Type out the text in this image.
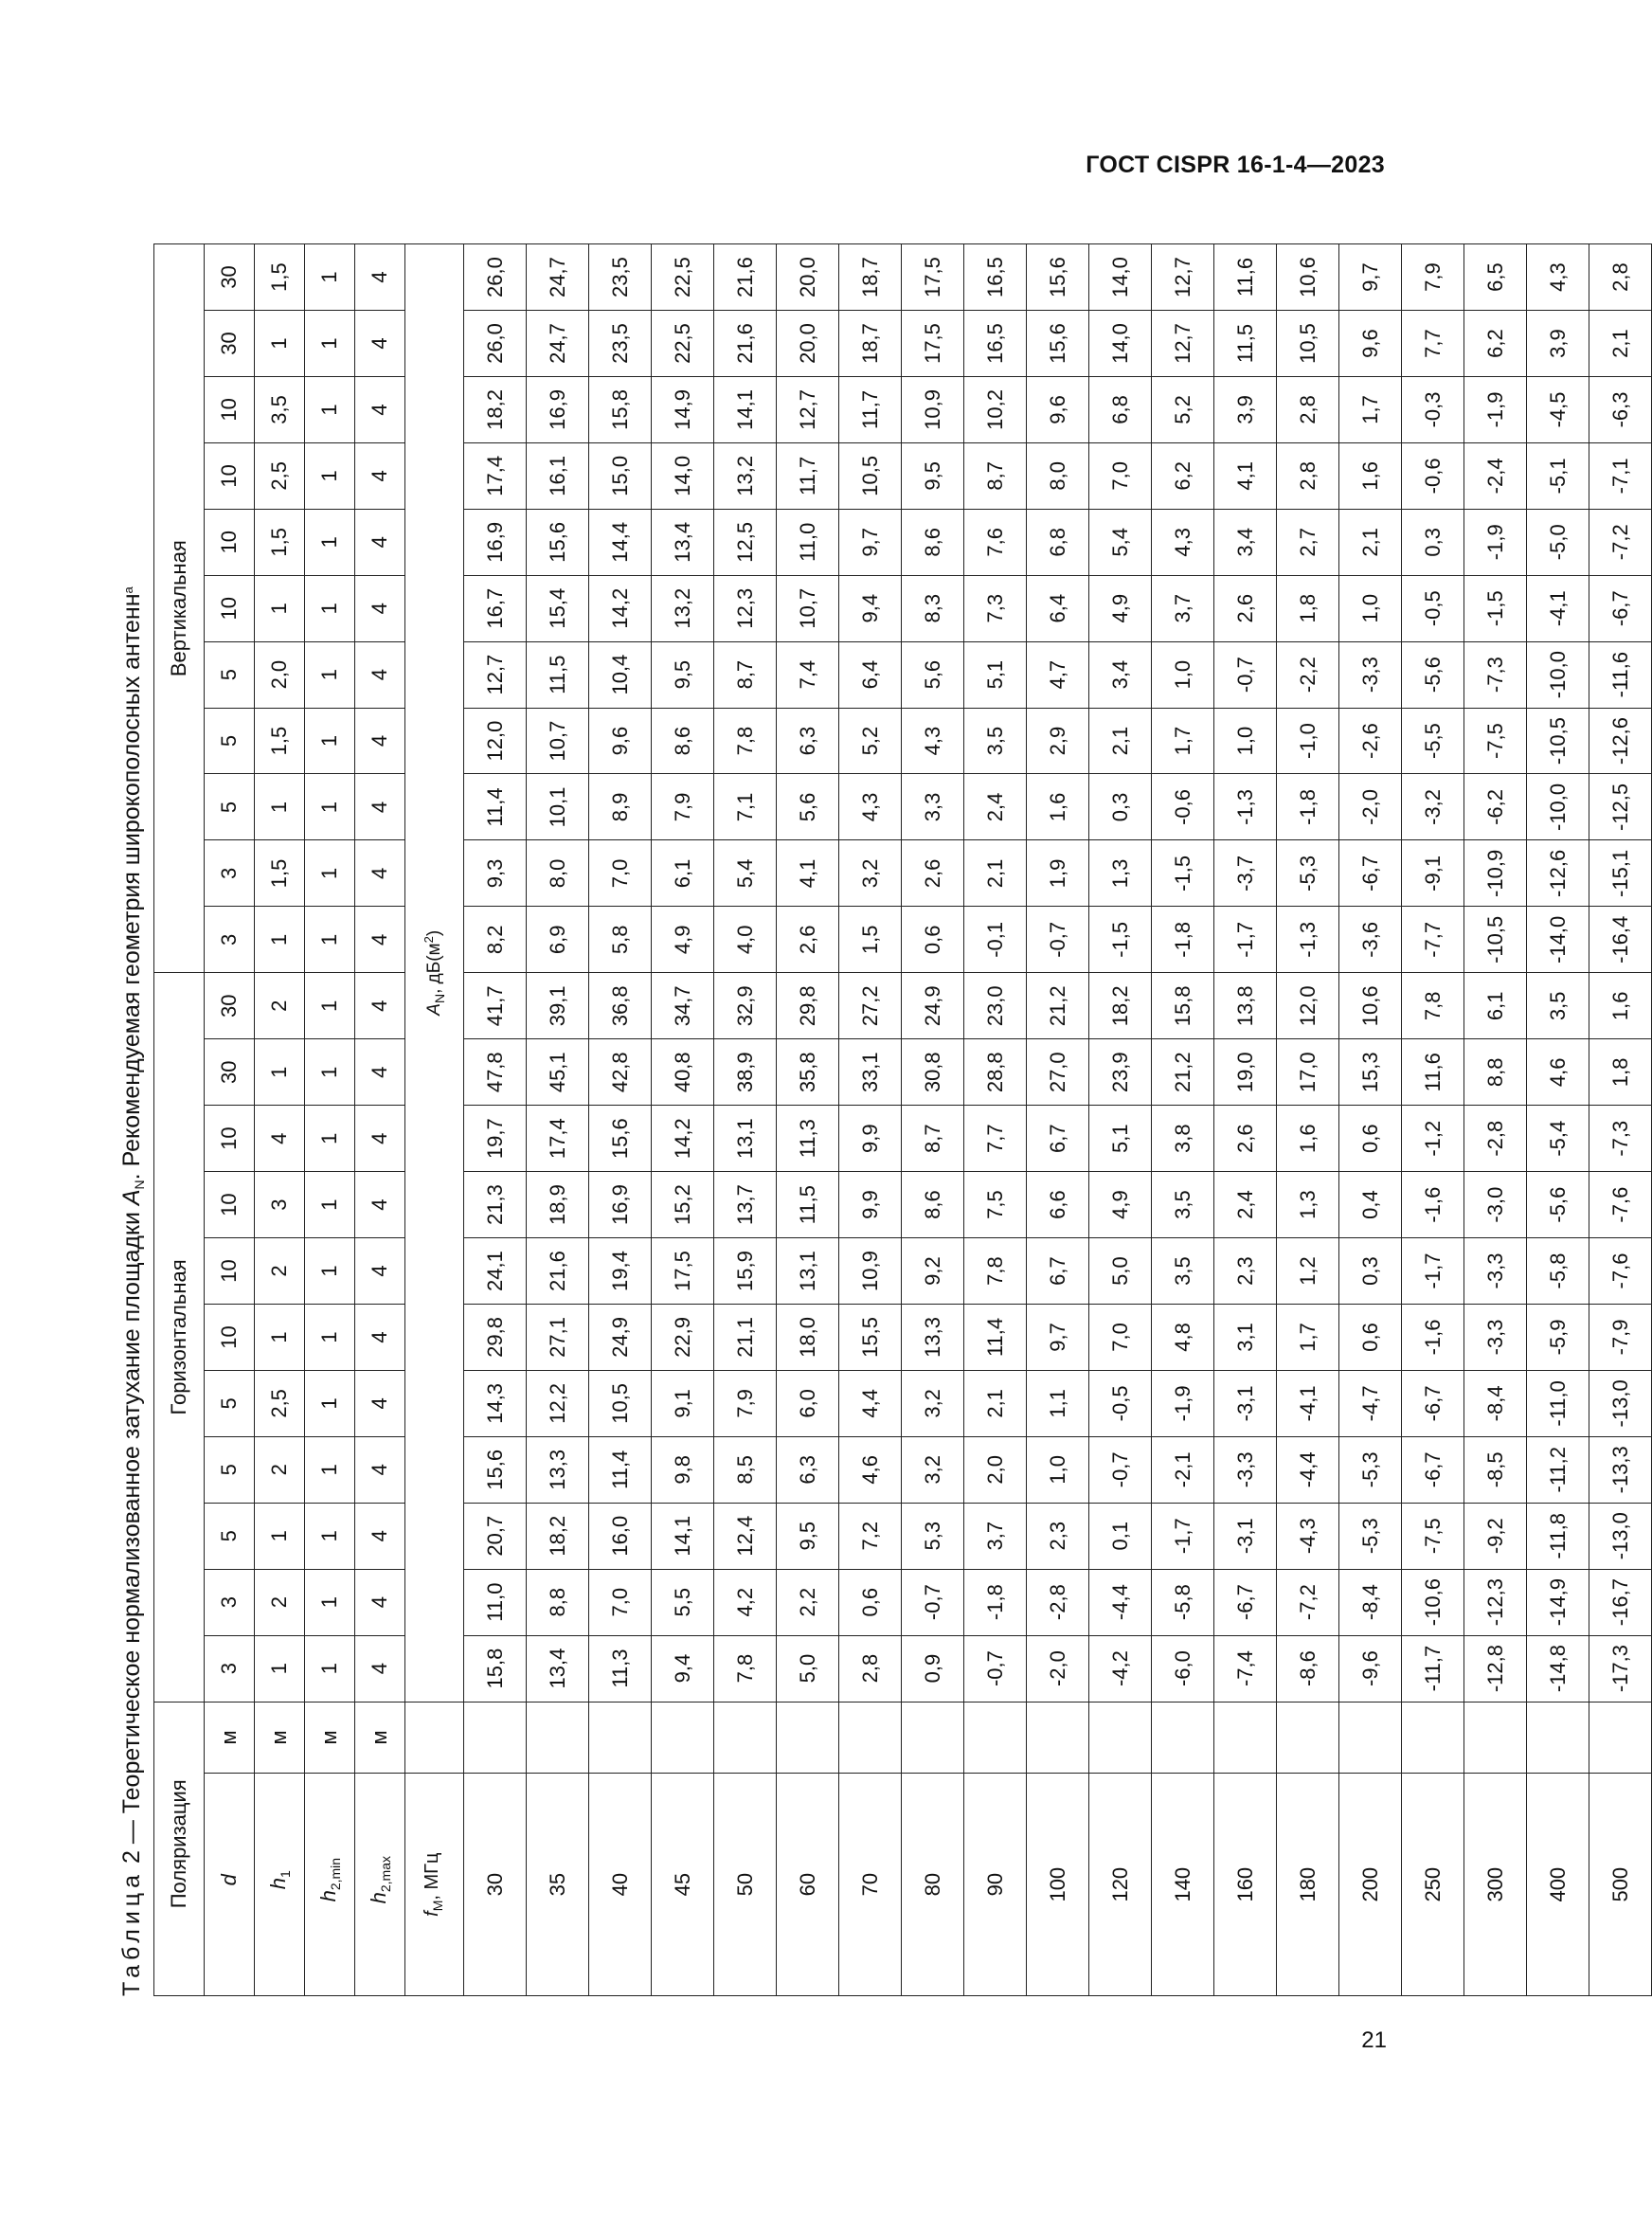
ГОСТ CISPR 16-1-4—2023
Таблица 2 — Теоретическое нормализованное затухание площадки $A_N$. Рекомендуемая геометрия широкополосных антенн$^a$
Поляризация		Горизонтальная											Вертикальная										
d	м	3	3	5	5	5	10	10	10	10	30	30	3	3	5	5	5	10	10	10	10	30	30
$h_1$	м	1	2	1	2	2,5	1	2	3	4	1	2	1	1,5	1	1,5	2,0	1	1,5	2,5	3,5	1	1,5
$h_{2,min}$	м	1	1	1	1	1	1	1	1	1	1	1	1	1	1	1	1	1	1	1	1	1	1
$h_{2,max}$	м	4	4	4	4	4	4	4	4	4	4	4	4	4	4	4	4	4	4	4	4	4	4
$f_M$, МГц		$A_N$, $дБ(м^2)$																					
30		15,8	11,0	20,7	15,6	14,3	29,8	24,1	21,3	19,7	47,8	41,7	8,2	9,3	11,4	12,0	12,7	16,7	16,9	17,4	18,2	26,0	26,0
35		13,4	8,8	18,2	13,3	12,2	27,1	21,6	18,9	17,4	45,1	39,1	6,9	8,0	10,1	10,7	11,5	15,4	15,6	16,1	16,9	24,7	24,7
40		11,3	7,0	16,0	11,4	10,5	24,9	19,4	16,9	15,6	42,8	36,8	5,8	7,0	8,9	9,6	10,4	14,2	14,4	15,0	15,8	23,5	23,5
45		9,4	5,5	14,1	9,8	9,1	22,9	17,5	15,2	14,2	40,8	34,7	4,9	6,1	7,9	8,6	9,5	13,2	13,4	14,0	14,9	22,5	22,5
50		7,8	4,2	12,4	8,5	7,9	21,1	15,9	13,7	13,1	38,9	32,9	4,0	5,4	7,1	7,8	8,7	12,3	12,5	13,2	14,1	21,6	21,6
60		5,0	2,2	9,5	6,3	6,0	18,0	13,1	11,5	11,3	35,8	29,8	2,6	4,1	5,6	6,3	7,4	10,7	11,0	11,7	12,7	20,0	20,0
70		2,8	0,6	7,2	4,6	4,4	15,5	10,9	9,9	9,9	33,1	27,2	1,5	3,2	4,3	5,2	6,4	9,4	9,7	10,5	11,7	18,7	18,7
80		0,9	-0,7	5,3	3,2	3,2	13,3	9,2	8,6	8,7	30,8	24,9	0,6	2,6	3,3	4,3	5,6	8,3	8,6	9,5	10,9	17,5	17,5
90		-0,7	-1,8	3,7	2,0	2,1	11,4	7,8	7,5	7,7	28,8	23,0	-0,1	2,1	2,4	3,5	5,1	7,3	7,6	8,7	10,2	16,5	16,5
100		-2,0	-2,8	2,3	1,0	1,1	9,7	6,7	6,6	6,7	27,0	21,2	-0,7	1,9	1,6	2,9	4,7	6,4	6,8	8,0	9,6	15,6	15,6
120		-4,2	-4,4	0,1	-0,7	-0,5	7,0	5,0	4,9	5,1	23,9	18,2	-1,5	1,3	0,3	2,1	3,4	4,9	5,4	7,0	6,8	14,0	14,0
140		-6,0	-5,8	-1,7	-2,1	-1,9	4,8	3,5	3,5	3,8	21,2	15,8	-1,8	-1,5	-0,6	1,7	1,0	3,7	4,3	6,2	5,2	12,7	12,7
160		-7,4	-6,7	-3,1	-3,3	-3,1	3,1	2,3	2,4	2,6	19,0	13,8	-1,7	-3,7	-1,3	1,0	-0,7	2,6	3,4	4,1	3,9	11,5	11,6
180		-8,6	-7,2	-4,3	-4,4	-4,1	1,7	1,2	1,3	1,6	17,0	12,0	-1,3	-5,3	-1,8	-1,0	-2,2	1,8	2,7	2,8	2,8	10,5	10,6
200		-9,6	-8,4	-5,3	-5,3	-4,7	0,6	0,3	0,4	0,6	15,3	10,6	-3,6	-6,7	-2,0	-2,6	-3,3	1,0	2,1	1,6	1,7	9,6	9,7
250		-11,7	-10,6	-7,5	-6,7	-6,7	-1,6	-1,7	-1,6	-1,2	11,6	7,8	-7,7	-9,1	-3,2	-5,5	-5,6	-0,5	0,3	-0,6	-0,3	7,7	7,9
300		-12,8	-12,3	-9,2	-8,5	-8,4	-3,3	-3,3	-3,0	-2,8	8,8	6,1	-10,5	-10,9	-6,2	-7,5	-7,3	-1,5	-1,9	-2,4	-1,9	6,2	6,5
400		-14,8	-14,9	-11,8	-11,2	-11,0	-5,9	-5,8	-5,6	-5,4	4,6	3,5	-14,0	-12,6	-10,0	-10,5	-10,0	-4,1	-5,0	-5,1	-4,5	3,9	4,3
500		-17,3	-16,7	-13,0	-13,3	-13,0	-7,9	-7,6	-7,6	-7,3	1,8	1,6	-16,4	-15,1	-12,5	-12,6	-11,6	-6,7	-7,2	-7,1	-6,3	2,1	2,8
21
